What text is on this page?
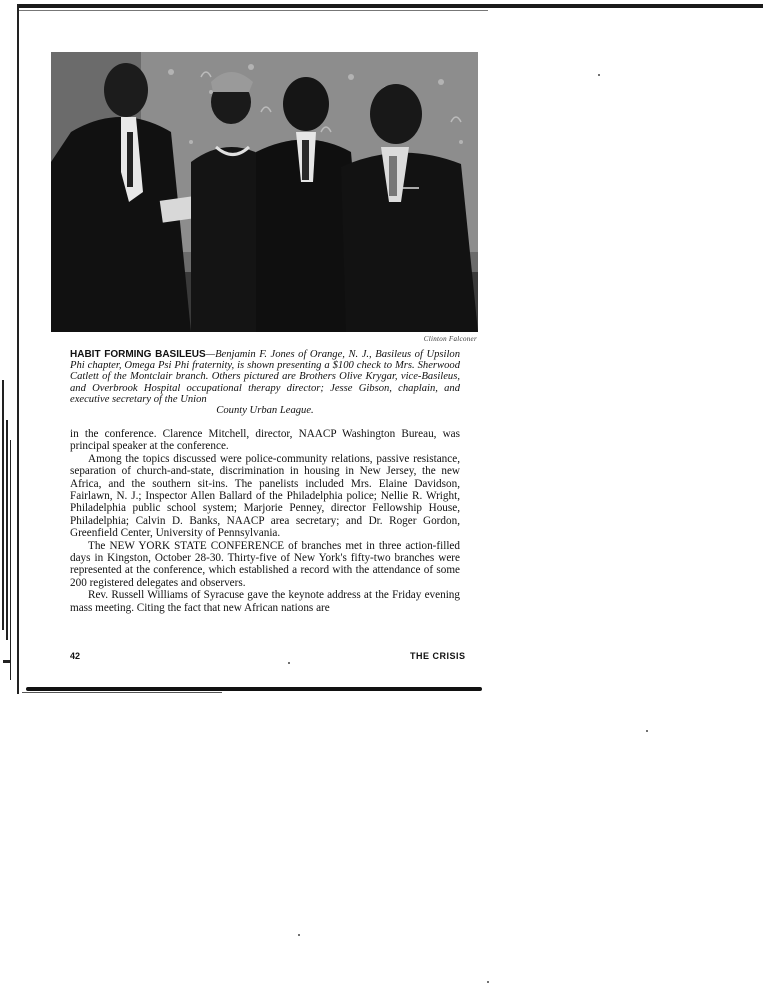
Clinton Falconer
HABIT FORMING BASILEUS—Benjamin F. Jones of Orange, N. J., Basileus of Upsilon Phi chapter, Omega Psi Phi fraternity, is shown presenting a $100 check to Mrs. Sherwood Catlett of the Montclair branch. Others pictured are Brothers Olive Krygar, vice-Basileus, and Overbrook Hospital occupational therapy director; Jesse Gibson, chaplain, and executive secretary of the Union
County Urban League.

in the conference. Clarence Mitchell, director, NAACP Washington Bureau, was principal speaker at the conference.

Among the topics discussed were police-community relations, passive resistance, separation of church-and-state, discrimination in housing in New Jersey, the new Africa, and the southern sit-ins. The panelists included Mrs. Elaine Davidson, Fairlawn, N. J.; Inspector Allen Ballard of the Philadelphia police; Nellie R. Wright, Philadelphia public school system; Marjorie Penney, director Fellowship House, Philadelphia; Calvin D. Banks, NAACP area secretary; and Dr. Roger Gordon, Greenfield Center, University of Pennsylvania.

The NEW YORK STATE CONFERENCE of branches met in three action-filled days in Kingston, October 28-30. Thirty-five of New York's fifty-two branches were represented at the conference, which established a record with the attendance of some 200 registered delegates and observers.

Rev. Russell Williams of Syracuse gave the keynote address at the Friday evening mass meeting. Citing the fact that new African nations are

42	THE CRISIS
